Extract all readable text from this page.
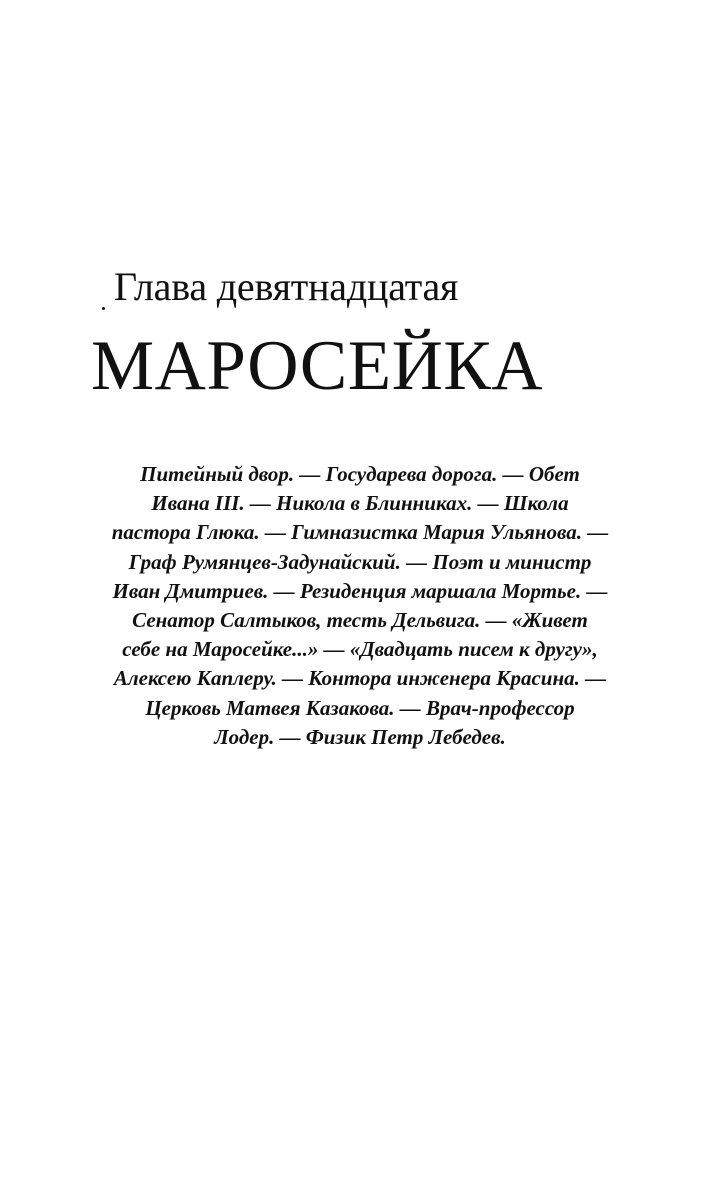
Глава девятнадцатая
МАРОСЕЙКА
Питейный двор. — Государева дорога. — Обет
Ивана III. — Никола в Блинниках. — Школа
пастора Глюка. — Гимназистка Мария Ульянова. —
Граф Румянцев-Задунайский. — Поэт и министр
Иван Дмитриев. — Резиденция маршала Мортье. —
Сенатор Салтыков, тесть Дельвига. — «Живет
себе на Маросейке...» — «Двадцать писем к другу»,
Алексею Каплеру. — Контора инженера Красина. —
Церковь Матвея Казакова. — Врач-профессор
Лодер. — Физик Петр Лебедев.
